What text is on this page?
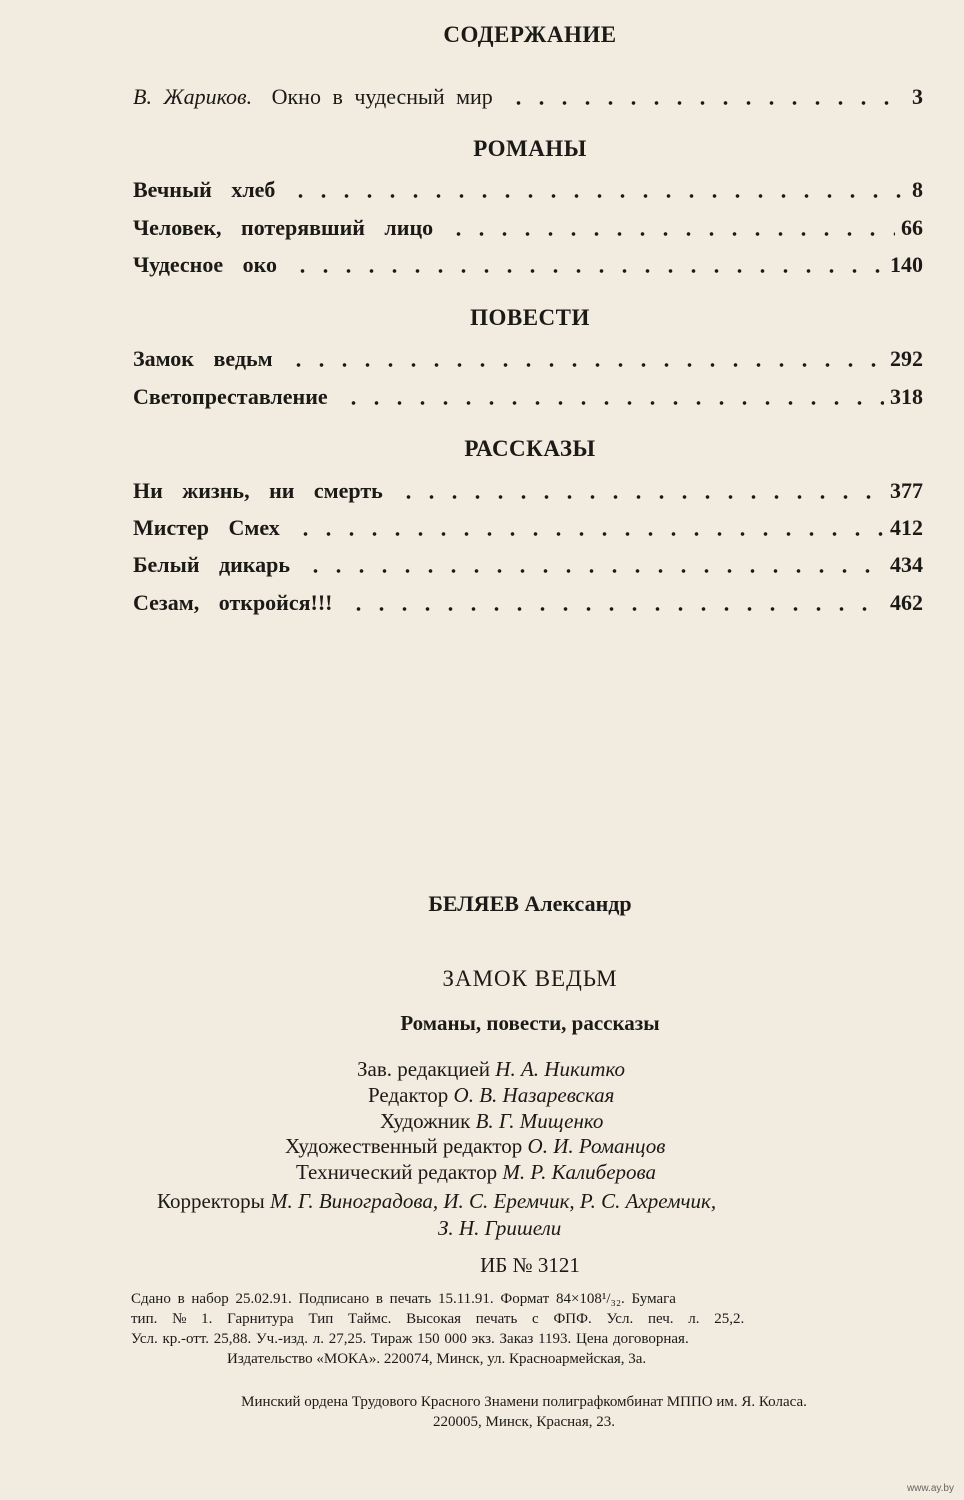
СОДЕРЖАНИЕ
В. Жариков. Окно в чудесный мир	3
РОМАНЫ
Вечный хлеб	8
Человек, потерявший лицо	66
Чудесное око	140
ПОВЕСТИ
Замок ведьм	292
Светопреставление	318
РАССКАЗЫ
Ни жизнь, ни смерть	377
Мистер Смех	412
Белый дикарь	434
Сезам, откройся!!!	462
БЕЛЯЕВ Александр
ЗАМОК ВЕДЬМ
Романы, повести, рассказы
Зав. редакцией Н. А. Никитко
Редактор О. В. Назаревская
Художник В. Г. Мищенко
Художественный редактор О. И. Романцов
Технический редактор М. Р. Калиберова
Корректоры М. Г. Виноградова, И. С. Еремчик, Р. С. Ахремчик,
З. Н. Гришели
ИБ № 3121
Сдано в набор 25.02.91. Подписано в печать 15.11.91. Формат 84×108¹/₃₂. Бумага
тип. № 1. Гарнитура Тип Таймс. Высокая печать с ФПФ. Усл. печ. л. 25,2.
Усл. кр.-отт. 25,88. Уч.-изд. л. 27,25. Тираж 150 000 экз. Заказ 1193. Цена договорная.
Издательство «МОКА». 220074, Минск, ул. Красноармейская, 3а.
Минский ордена Трудового Красного Знамени полиграфкомбинат МППО им. Я. Коласа.
220005, Минск, Красная, 23.
www.ay.by
